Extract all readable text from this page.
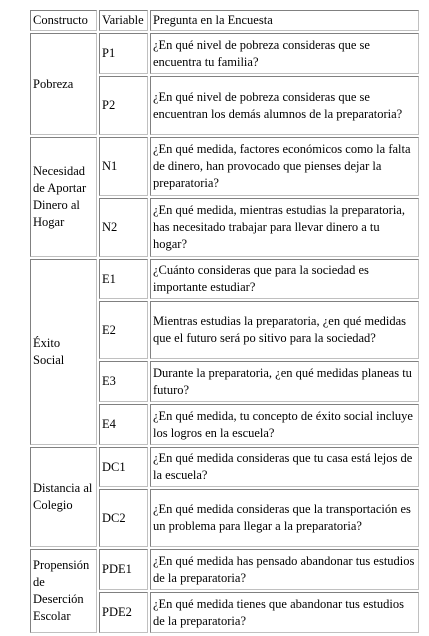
Constructo	Variable	Pregunta en la Encuesta
Pobreza	P1	¿En qué nivel de pobreza consideras que se encuentra tu familia?
	P2	¿En qué nivel de pobreza consideras que se encuentran los demás alumnos de la preparatoria?
Necesidad de Aportar Dinero al Hogar	N1	¿En qué medida, factores económicos como la falta de dinero, han provocado que pienses dejar la preparatoria?
	N2	¿En qué medida, mientras estudias la preparatoria, has necesitado trabajar para llevar dinero a tu hogar?
Éxito Social	E1	¿Cuánto consideras que para la sociedad es importante estudiar?
	E2	Mientras estudias la preparatoria, ¿en qué medidas que el futuro será po sitivo para la sociedad?
	E3	Durante la preparatoria, ¿en qué medidas planeas tu futuro?
	E4	¿En qué medida, tu concepto de éxito social incluye los logros en la escuela?
Distancia al Colegio	DC1	¿En qué medida consideras que tu casa está lejos de la escuela?
	DC2	¿En qué medida consideras que la transportación es un problema para llegar a la preparatoria?
Propensión de Deserción Escolar	PDE1	¿En qué medida has pensado abandonar tus estudios de la preparatoria?
	PDE2	¿En qué medida tienes que abandonar tus estudios de la preparatoria?
